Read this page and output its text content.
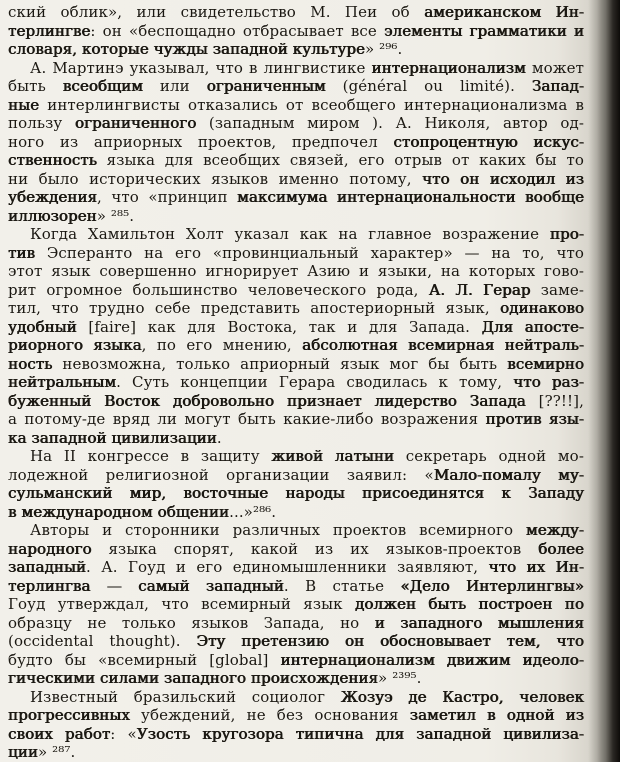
ский облик», или свидетельство М. Пеи об американском Ин-
терлингве: он «беспощадно отбрасывает все элементы грамматики и
словаря, которые чужды западной культуре» ²⁹⁶.
А. Мартинэ указывал, что в лингвистике интернационализм может
быть всеобщим или ограниченным (général ou limité). Запад-
ные интерлингвисты отказались от всеобщего интернационализма в
пользу ограниченного (западным миром ). А. Николя, автор од-
ного из априорных проектов, предпочел стопроцентную искус-
ственность языка для всеобщих связей, его отрыв от каких бы то
ни было исторических языков именно потому, что он исходил из
убеждения, что «принцип максимума интернациональности вообще
иллюзорен» ²⁸⁵.
Когда Хамильтон Холт указал как на главное возражение про-
тив Эсперанто на его «провинциальный характер» — на то, что
этот язык совершенно игнорирует Азию и языки, на которых гово-
рит огромное большинство человеческого рода, А. Л. Герар заме-
тил, что трудно себе представить апостериорный язык, одинаково
удобный [faire] как для Востока, так и для Запада. Для апосте-
риорного языка, по его мнению, абсолютная всемирная нейтраль-
ность невозможна, только априорный язык мог бы быть всемирно
нейтральным. Суть концепции Герара сводилась к тому, что раз-
буженный Восток добровольно признает лидерство Запада [??!!],
а потому-де вряд ли могут быть какие-либо возражения против язы-
ка западной цивилизации.
На II конгрессе в защиту живой латыни секретарь одной мо-
лодежной религиозной организации заявил: «Мало-помалу му-
сульманский мир, восточные народы присоединятся к Западу
в международном общении...»²⁸⁶.
Авторы и сторонники различных проектов всемирного между-
народного языка спорят, какой из их языков-проектов более
западный. А. Гоуд и его единомышленники заявляют, что их Ин-
терлингва — самый западный. В статье «Дело Интерлингвы»
Гоуд утверждал, что всемирный язык должен быть построен по
образцу не только языков Запада, но и западного мышления
(occidental thought). Эту претензию он обосновывает тем, что
будто бы «всемирный [global] интернационализм движим идеоло-
гическими силами западного происхождения» ²³⁹⁵.
Известный бразильский социолог Жозуэ де Кастро, человек
прогрессивных убеждений, не без основания заметил в одной из
своих работ: «Узость кругозора типична для западной цивилиза-
ции» ²⁸⁷.
